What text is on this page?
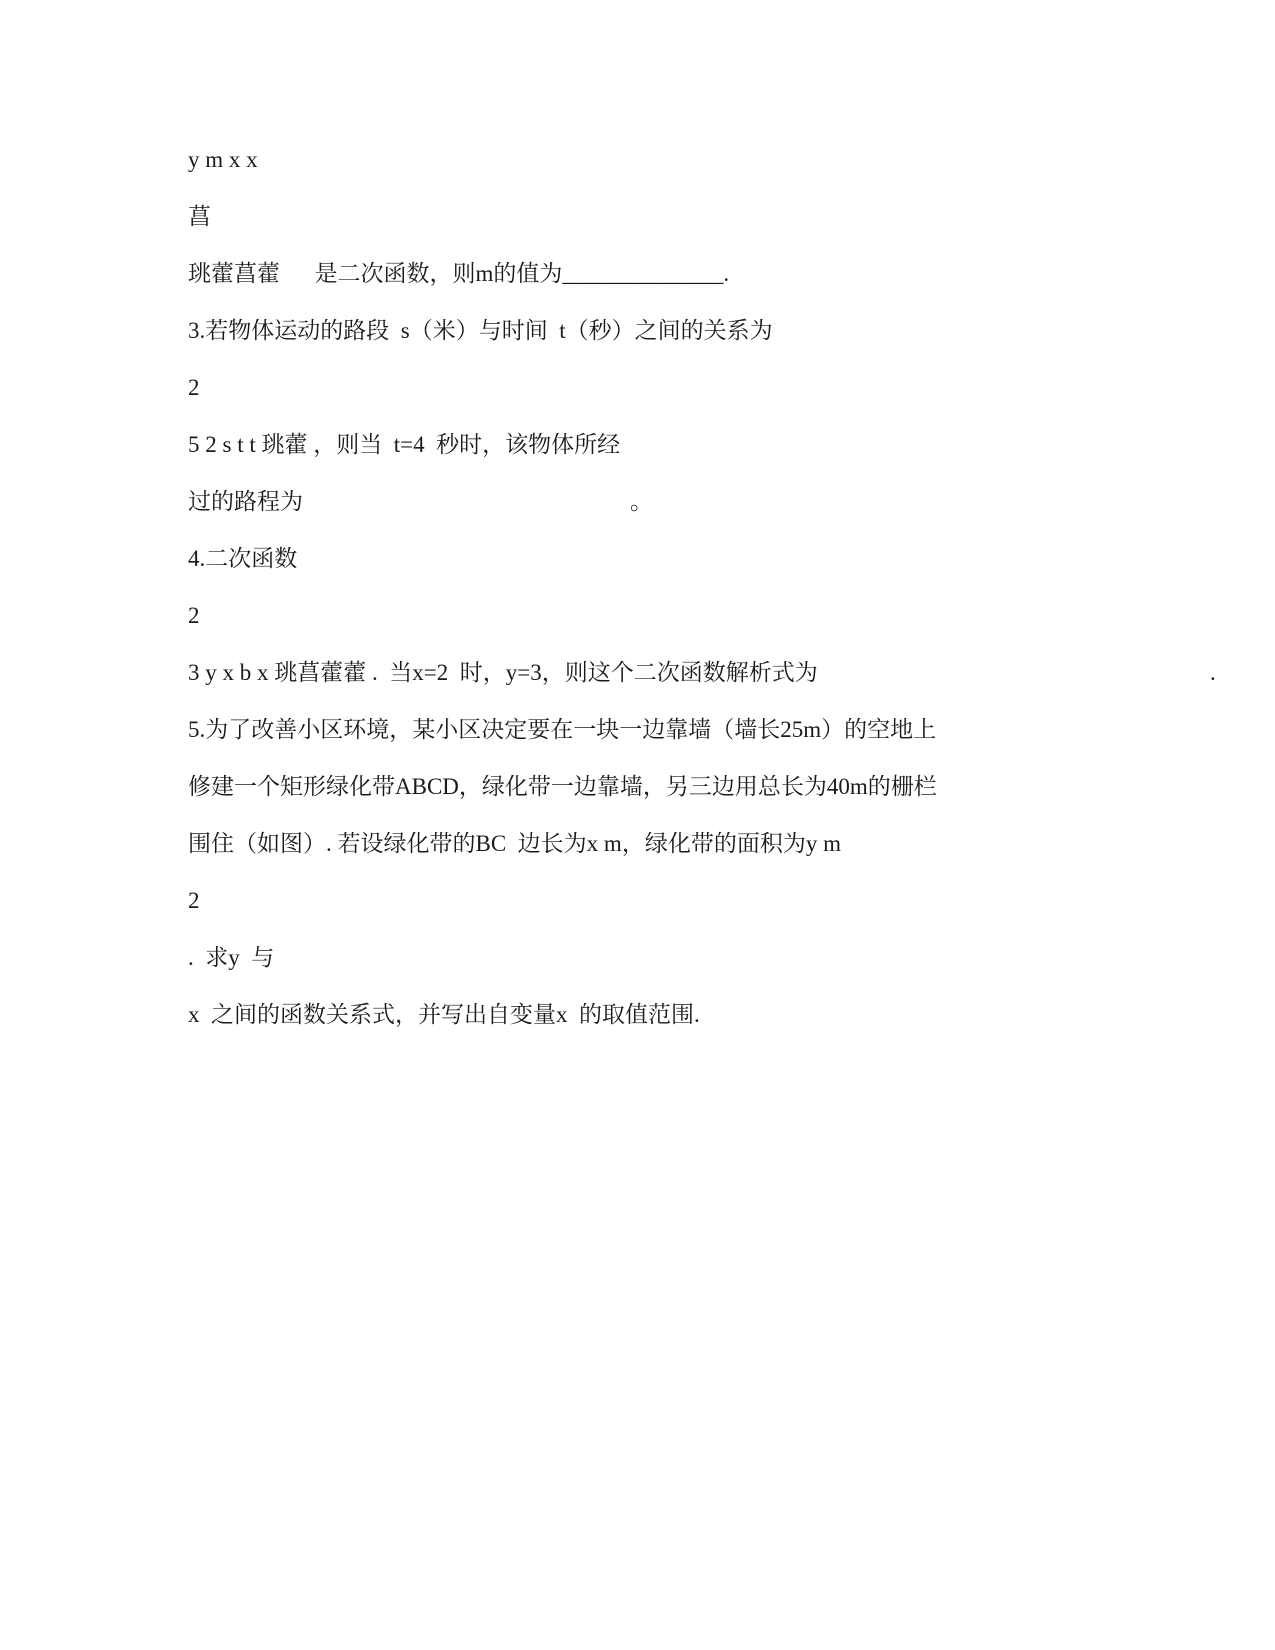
y m x x

菖

珧藿菖藿      是二次函数，则m的值为______________.

3.若物体运动的路段  s（米）与时间  t（秒）之间的关系为

2

5 2 s t t 珧藿 ，则当  t=4  秒时，该物体所经

过的路程为	。

4.二次函数

2

3 y x b x 珧菖藿藿 .  当x=2  时，y=3，则这个二次函数解析式为	.

5.为了改善小区环境，某小区决定要在一块一边靠墙（墙长25m）的空地上

修建一个矩形绿化带ABCD，绿化带一边靠墙，另三边用总长为40m的栅栏

围住（如图）. 若设绿化带的BC  边长为x m，绿化带的面积为y m

2

.  求y  与

x  之间的函数关系式，并写出自变量x  的取值范围.
